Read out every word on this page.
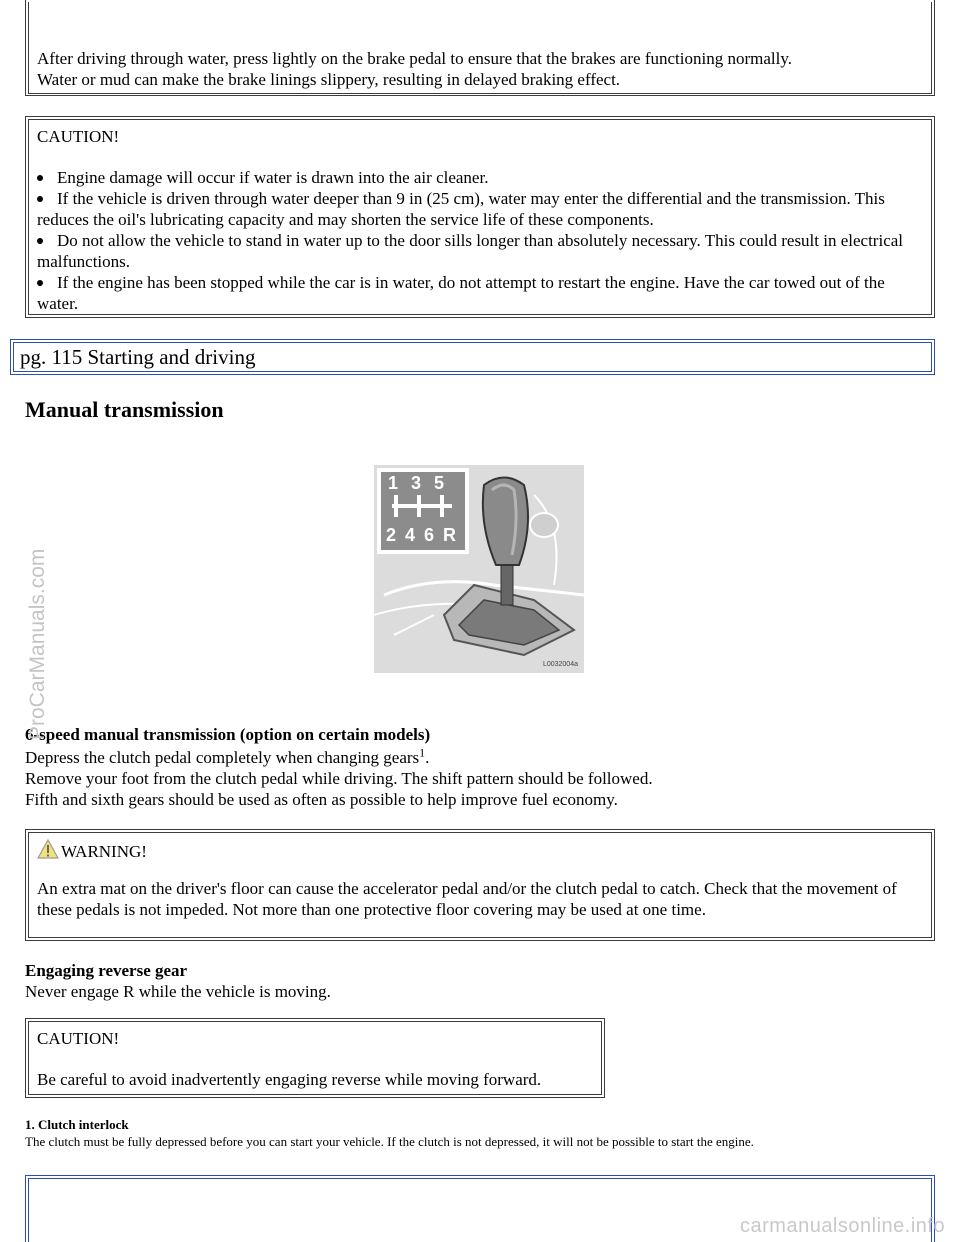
After driving through water, press lightly on the brake pedal to ensure that the brakes are functioning normally.

Water or mud can make the brake linings slippery, resulting in delayed braking effect.

CAUTION!

Engine damage will occur if water is drawn into the air cleaner.
If the vehicle is driven through water deeper than 9 in (25 cm), water may enter the differential and the transmission. This reduces the oil's lubricating capacity and may shorten the service life of these components.
Do not allow the vehicle to stand in water up to the door sills longer than absolutely necessary. This could result in electrical malfunctions.
If the engine has been stopped while the car is in water, do not attempt to restart the engine. Have the car towed out of the water.
pg. 115 Starting and driving
Manual transmission
1 3 5
2 4 6 R
L0032004a

6-speed manual transmission (option on certain models)

Depress the clutch pedal completely when changing gears$^1$.

Remove your foot from the clutch pedal while driving. The shift pattern should be followed.

Fifth and sixth gears should be used as often as possible to help improve fuel economy.

WARNING!

An extra mat on the driver's floor can cause the accelerator pedal and/or the clutch pedal to catch. Check that the movement of these pedals is not impeded. Not more than one protective floor covering may be used at one time.

Engaging reverse gear

Never engage R while the vehicle is moving.

CAUTION!

Be careful to avoid inadvertently engaging reverse while moving forward.

1. Clutch interlock
The clutch must be fully depressed before you can start your vehicle. If the clutch is not depressed, it will not be possible to start the engine.
ProCarManuals.com
carmanualsonline.info
